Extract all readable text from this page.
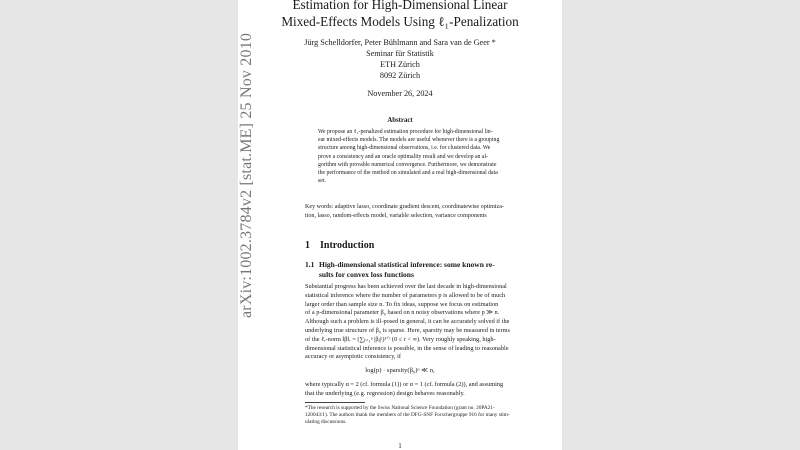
Estimation for High-Dimensional Linear
Mixed-Effects Models Using ℓ₁-Penalization
Jürg Schelldorfer, Peter Bühlmann and Sara van de Geer *
Seminar für Statistik
ETH Zürich
8092 Zürich
November 26, 2024
Abstract
We propose an ℓ₁-penalized estimation procedure for high-dimensional lin-
ear mixed-effects models. The models are useful whenever there is a grouping
structure among high-dimensional observations, i.e. for clustered data. We
prove a consistency and an oracle optimality result and we develop an al-
gorithm with provable numerical convergence. Furthermore, we demonstrate
the performance of the method on simulated and a real high-dimensional data
set.
Key words: adaptive lasso, coordinate gradient descent, coordinatewise optimiza-
tion, lasso, random-effects model, variable selection, variance components
1 Introduction
1.1 High-dimensional statistical inference: some known re-
sults for convex loss functions
Substantial progress has been achieved over the last decade in high-dimensional
statistical inference where the number of parameters p is allowed to be of much
larger order than sample size n. To fix ideas, suppose we focus on estimation
of a p-dimensional parameter β₀ based on n noisy observations where p ≫ n.
Although such a problem is ill-posed in general, it can be accurately solved if the
underlying true structure of β₀ is sparse. Here, sparsity may be measured in terms
of the ℓᵣ-norm ‖β‖ᵣ = (∑ⱼ₌₁ᵖ |βⱼ|ʳ)¹ᐟʳ (0 ≤ r < ∞). Very roughly speaking, high-
dimensional statistical inference is possible, in the sense of leading to reasonable
accuracy or asymptotic consistency, if
log(p) · sparsity(β₀)ᵅ ≪ n,
where typically α = 2 (cf. formula (1)) or α = 1 (cf. formula (2)), and assuming
that the underlying (e.g. regression) design behaves reasonably.
*The research is supported by the Swiss National Science Foundation (grant no. 20PA21-
120043/1). The authors thank the members of the DFG-SNF Forschergruppe 916 for many stim-
ulating discussions.
1
arXiv:1002.3784v2 [stat.ME] 25 Nov 2010
